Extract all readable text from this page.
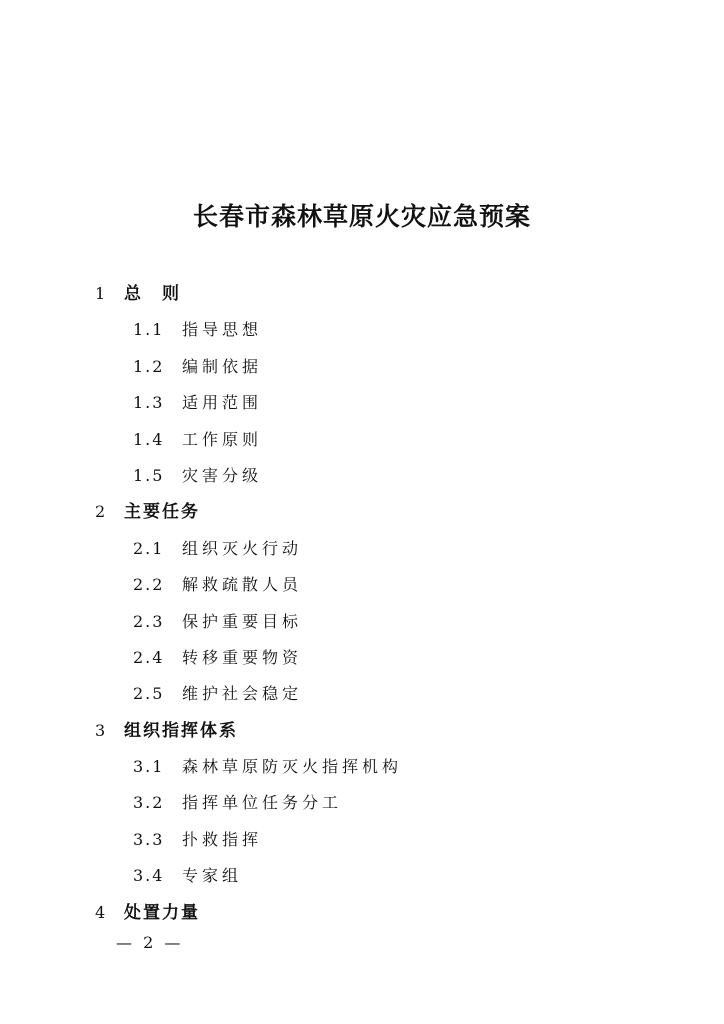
长春市森林草原火灾应急预案
1 总　则
1.1 指导思想
1.2 编制依据
1.3 适用范围
1.4 工作原则
1.5 灾害分级
2 主要任务
2.1 组织灭火行动
2.2 解救疏散人员
2.3 保护重要目标
2.4 转移重要物资
2.5 维护社会稳定
3 组织指挥体系
3.1 森林草原防灭火指挥机构
3.2 指挥单位任务分工
3.3 扑救指挥
3.4 专家组
4 处置力量
— 2 —
